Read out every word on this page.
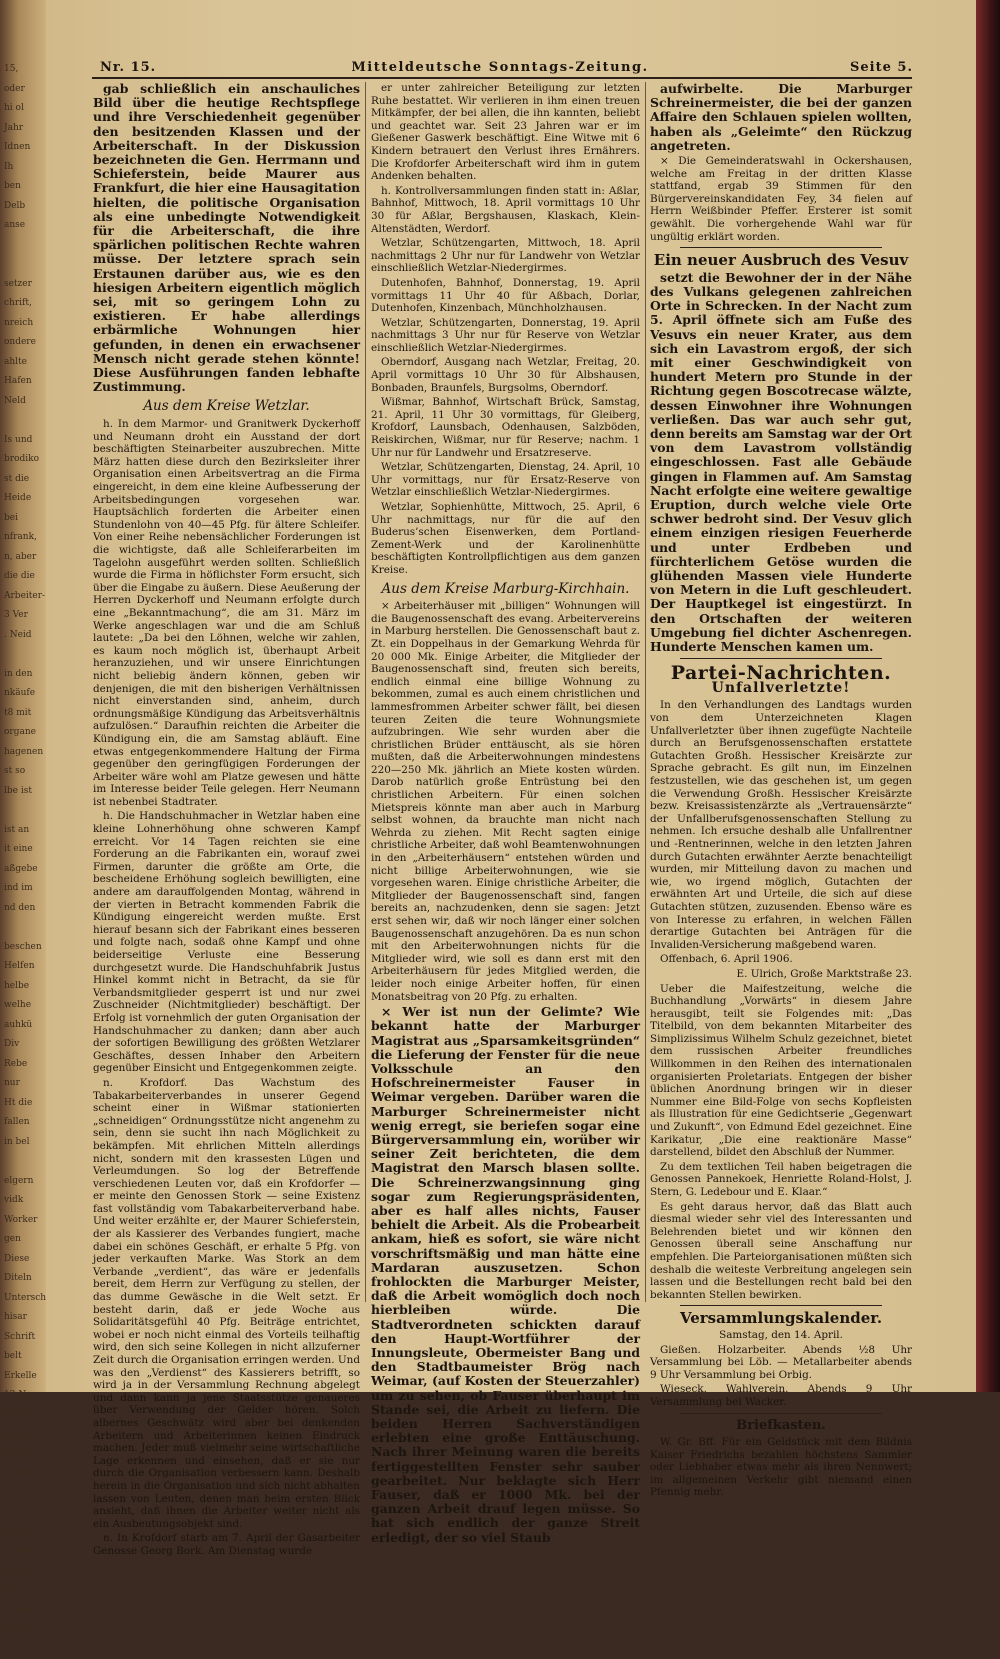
15,
oder
hi ol
Jahr
Idnen
Ih
ben
Delb
anse

setzer
chrift,
nreich
ondere
ahlte
Hafen
Neld

Is und
brodiko
st die
Heide
bei
nfrank,
n, aber
die die
Arbeiter-
3 Ver
. Neid

in den
nkäufe
t8 mit
organe
hagenen
st so
lbe ist

ist an
it eine
aßgebe
ind im
nd den

beschen
Helfen
helbe
welhe
auhkü
Div
Rebe
nur
Ht die
fallen
in bel

elgern
vidk
Worker
gen
Diese
Diteln
Untersch
hisar
Schrift
belt
Erkelle
12 Nr
beliee
Halle
Seite
Seiten

handl
stoffere
be fen
sens
helfen
Rend.
be
Nr. 15.	Mitteldeutsche Sonntags-Zeitung.	Seite 5.

gab schließlich ein anschauliches Bild über die heutige Rechtspflege und ihre Verschiedenheit gegenüber den besitzenden Klassen und der Arbeiterschaft. In der Diskussion bezeichneten die Gen. Herrmann und Schieferstein, beide Maurer aus Frankfurt, die hier eine Hausagitation hielten, die politische Organisation als eine unbedingte Notwendigkeit für die Arbeiterschaft, die ihre spärlichen politischen Rechte wahren müsse. Der letztere sprach sein Erstaunen darüber aus, wie es den hiesigen Arbeitern eigentlich möglich sei, mit so geringem Lohn zu existieren. Er habe allerdings erbärmliche Wohnungen hier gefunden, in denen ein erwachsener Mensch nicht gerade stehen könnte! Diese Ausführungen fanden lebhafte Zustimmung.

Aus dem Kreise Wetzlar.

h. In dem Marmor- und Granitwerk Dyckerhoff und Neumann droht ein Ausstand der dort beschäftigten Steinarbeiter auszubrechen. Mitte März hatten diese durch den Bezirksleiter ihrer Organisation einen Arbeitsvertrag an die Firma eingereicht, in dem eine kleine Aufbesserung der Arbeitsbedingungen vorgesehen war. Hauptsächlich forderten die Arbeiter einen Stundenlohn von 40—45 Pfg. für ältere Schleifer. Von einer Reihe nebensächlicher Forderungen ist die wichtigste, daß alle Schleiferarbeiten im Tagelohn ausgeführt werden sollten. Schließlich wurde die Firma in höflichster Form ersucht, sich über die Eingabe zu äußern. Diese Aeußerung der Herren Dyckerhoff und Neumann erfolgte durch eine „Bekanntmachung“, die am 31. März im Werke angeschlagen war und die am Schluß lautete: „Da bei den Löhnen, welche wir zahlen, es kaum noch möglich ist, überhaupt Arbeit heranzuziehen, und wir unsere Einrichtungen nicht beliebig ändern können, geben wir denjenigen, die mit den bisherigen Verhältnissen nicht einverstanden sind, anheim, durch ordnungsmäßige Kündigung das Arbeitsverhältnis aufzulösen.“ Daraufhin reichten die Arbeiter die Kündigung ein, die am Samstag abläuft. Eine etwas entgegenkommendere Haltung der Firma gegenüber den geringfügigen Forderungen der Arbeiter wäre wohl am Platze gewesen und hätte im Interesse beider Teile gelegen. Herr Neumann ist nebenbei Stadtrater.

h. Die Handschuhmacher in Wetzlar haben eine kleine Lohnerhöhung ohne schweren Kampf erreicht. Vor 14 Tagen reichten sie eine Forderung an die Fabrikanten ein, worauf zwei Firmen, darunter die größte am Orte, die bescheidene Erhöhung sogleich bewilligten, eine andere am darauffolgenden Montag, während in der vierten in Betracht kommenden Fabrik die Kündigung eingereicht werden mußte. Erst hierauf besann sich der Fabrikant eines besseren und folgte nach, sodaß ohne Kampf und ohne beiderseitige Verluste eine Besserung durchgesetzt wurde. Die Handschuhfabrik Justus Hinkel kommt nicht in Betracht, da sie für Verbandsmitglieder gesperrt ist und nur zwei Zuschneider (Nichtmitglieder) beschäftigt. Der Erfolg ist vornehmlich der guten Organisation der Handschuhmacher zu danken; dann aber auch der sofortigen Bewilligung des größten Wetzlarer Geschäftes, dessen Inhaber den Arbeitern gegenüber Einsicht und Entgegenkommen zeigte.

n. Krofdorf. Das Wachstum des Tabakarbeiterverbandes in unserer Gegend scheint einer in Wißmar stationierten „schneidigen“ Ordnungsstütze nicht angenehm zu sein, denn sie sucht ihn nach Möglichkeit zu bekämpfen. Mit ehrlichen Mitteln allerdings nicht, sondern mit den krassesten Lügen und Verleumdungen. So log der Betreffende verschiedenen Leuten vor, daß ein Krofdorfer — er meinte den Genossen Stork — seine Existenz fast vollständig vom Tabakarbeiterverband habe. Und weiter erzählte er, der Maurer Schieferstein, der als Kassierer des Verbandes fungiert, mache dabei ein schönes Geschäft, er erhalte 5 Pfg. von jeder verkauften Marke. Was Stork an dem Verbande „verdient“, das wäre er jedenfalls bereit, dem Herrn zur Verfügung zu stellen, der das dumme Gewäsche in die Welt setzt. Er besteht darin, daß er jede Woche aus Solidaritätsgefühl 40 Pfg. Beiträge entrichtet, wobei er noch nicht einmal des Vorteils teilhaftig wird, den sich seine Kollegen in nicht allzuferner Zeit durch die Organisation erringen werden. Und was den „Verdienst“ des Kassierers betrifft, so wird ja in der Versammlung Rechnung abgelegt und dann kann ja jene Staatsstütze genaueres über Verwendung der Gelder hören. Solch albernes Geschwätz wird aber bei denkenden Arbeitern und Arbeiterinnen keinen Eindruck machen. Jeder muß vielmehr seine wirtschaftliche Lage erkennen und einsehen, daß er sie nur durch die Organisation verbessern kann. Deshalb herein in die Organisation und sich nicht abhalten lassen von Leuten, denen man beim ersten Blick ansieht, daß ihnen die Arbeiter weiter nicht als ein Ausbeutungsobjekt sind.

n. In Krofdorf starb am 7. April der Gasarbeiter Genosse Georg Bork. Am Dienstag wurde

er unter zahlreicher Beteiligung zur letzten Ruhe bestattet. Wir verlieren in ihm einen treuen Mitkämpfer, der bei allen, die ihn kannten, beliebt und geachtet war. Seit 23 Jahren war er im Gießener Gaswerk beschäftigt. Eine Witwe mit 6 Kindern betrauert den Verlust ihres Ernährers. Die Krofdorfer Arbeiterschaft wird ihm in gutem Andenken behalten.

h. Kontrollversammlungen finden statt in: Aßlar, Bahnhof, Mittwoch, 18. April vormittags 10 Uhr 30 für Aßlar, Bergshausen, Klaskach, Klein-Altenstädten, Werdorf.

Wetzlar, Schützengarten, Mittwoch, 18. April nachmittags 2 Uhr nur für Landwehr von Wetzlar einschließlich Wetzlar-Niedergirmes.

Dutenhofen, Bahnhof, Donnerstag, 19. April vormittags 11 Uhr 40 für Aßbach, Dorlar, Dutenhofen, Kinzenbach, Münchholzhausen.

Wetzlar, Schützengarten, Donnerstag, 19. April nachmittags 3 Uhr nur für Reserve von Wetzlar einschließlich Wetzlar-Niedergirmes.

Oberndorf, Ausgang nach Wetzlar, Freitag, 20. April vormittags 10 Uhr 30 für Albshausen, Bonbaden, Braunfels, Burgsolms, Oberndorf.

Wißmar, Bahnhof, Wirtschaft Brück, Samstag, 21. April, 11 Uhr 30 vormittags, für Gleiberg, Krofdorf, Launsbach, Odenhausen, Salzböden, Reiskirchen, Wißmar, nur für Reserve; nachm. 1 Uhr nur für Landwehr und Ersatzreserve.

Wetzlar, Schützengarten, Dienstag, 24. April, 10 Uhr vormittags, nur für Ersatz-Reserve von Wetzlar einschließlich Wetzlar-Niedergirmes.

Wetzlar, Sophienhütte, Mittwoch, 25. April, 6 Uhr nachmittags, nur für die auf den Buderus’schen Eisenwerken, dem Portland-Zement-Werk und der Karolinenhütte beschäftigten Kontrollpflichtigen aus dem ganzen Kreise.

Aus dem Kreise Marburg-Kirchhain.

× Arbeiterhäuser mit „billigen“ Wohnungen will die Baugenossenschaft des evang. Arbeitervereins in Marburg herstellen. Die Genossenschaft baut z. Zt. ein Doppelhaus in der Gemarkung Wehrda für 20 000 Mk. Einige Arbeiter, die Mitglieder der Baugenossenschaft sind, freuten sich bereits, endlich einmal eine billige Wohnung zu bekommen, zumal es auch einem christlichen und lammesfrommen Arbeiter schwer fällt, bei diesen teuren Zeiten die teure Wohnungsmiete aufzubringen. Wie sehr wurden aber die christlichen Brüder enttäuscht, als sie hören mußten, daß die Arbeiterwohnungen mindestens 220—250 Mk. jährlich an Miete kosten würden. Darob natürlich große Entrüstung bei den christlichen Arbeitern. Für einen solchen Mietspreis könnte man aber auch in Marburg selbst wohnen, da brauchte man nicht nach Wehrda zu ziehen. Mit Recht sagten einige christliche Arbeiter, daß wohl Beamtenwohnungen in den „Arbeiterhäusern“ entstehen würden und nicht billige Arbeiterwohnungen, wie sie vorgesehen waren. Einige christliche Arbeiter, die Mitglieder der Baugenossenschaft sind, fangen bereits an, nachzudenken, denn sie sagen: Jetzt erst sehen wir, daß wir noch länger einer solchen Baugenossenschaft anzugehören. Da es nun schon mit den Arbeiterwohnungen nichts für die Mitglieder wird, wie soll es dann erst mit den Arbeiterhäusern für jedes Mitglied werden, die leider noch einige Arbeiter hoffen, für einen Monatsbeitrag von 20 Pfg. zu erhalten.

× Wer ist nun der Gelimte? Wie bekannt hatte der Marburger Magistrat aus „Sparsamkeitsgründen“ die Lieferung der Fenster für die neue Volksschule an den Hofschreinermeister Fauser in Weimar vergeben. Darüber waren die Marburger Schreinermeister nicht wenig erregt, sie beriefen sogar eine Bürgerversammlung ein, worüber wir seiner Zeit berichteten, die dem Magistrat den Marsch blasen sollte. Die Schreinerzwangsinnung ging sogar zum Regierungspräsidenten, aber es half alles nichts, Fauser behielt die Arbeit. Als die Probearbeit ankam, hieß es sofort, sie wäre nicht vorschriftsmäßig und man hätte eine Mardaran auszusetzen. Schon frohlockten die Marburger Meister, daß die Arbeit womöglich doch noch hierbleiben würde. Die Stadtverordneten schickten darauf den Haupt-Wortführer der Innungsleute, Obermeister Bang und den Stadtbaumeister Brög nach Weimar, (auf Kosten der Steuerzahler) um zu sehen, ob Fauser überhaupt im Stande sei, die Arbeit zu liefern. Die beiden Herren Sachverständigen erlebten eine große Enttäuschung. Nach ihrer Meinung waren die bereits fertiggestellten Fenster sehr sauber gearbeitet. Nur beklagte sich Herr Fauser, daß er 1000 Mk. bei der ganzen Arbeit drauf legen müsse. So hat sich endlich der ganze Streit erledigt, der so viel Staub

aufwirbelte. Die Marburger Schreinermeister, die bei der ganzen Affaire den Schlauen spielen wollten, haben als „Geleimte“ den Rückzug angetreten.

× Die Gemeinderatswahl in Ockershausen, welche am Freitag in der dritten Klasse stattfand, ergab 39 Stimmen für den Bürgervereinskandidaten Fey, 34 fielen auf Herrn Weißbinder Pfeffer. Ersterer ist somit gewählt. Die vorhergehende Wahl war für ungültig erklärt worden.

Ein neuer Ausbruch des Vesuv

setzt die Bewohner der in der Nähe des Vulkans gelegenen zahlreichen Orte in Schrecken. In der Nacht zum 5. April öffnete sich am Fuße des Vesuvs ein neuer Krater, aus dem sich ein Lavastrom ergoß, der sich mit einer Geschwindigkeit von hundert Metern pro Stunde in der Richtung gegen Boscotrecase wälzte, dessen Einwohner ihre Wohnungen verließen. Das war auch sehr gut, denn bereits am Samstag war der Ort von dem Lavastrom vollständig eingeschlossen. Fast alle Gebäude gingen in Flammen auf. Am Samstag Nacht erfolgte eine weitere gewaltige Eruption, durch welche viele Orte schwer bedroht sind. Der Vesuv glich einem einzigen riesigen Feuerherde und unter Erdbeben und fürchterlichem Getöse wurden die glühenden Massen viele Hunderte von Metern in die Luft geschleudert. Der Hauptkegel ist eingestürzt. In den Ortschaften der weiteren Umgebung fiel dichter Aschenregen. Hunderte Menschen kamen um.

Partei-Nachrichten.
Unfallverletzte!

In den Verhandlungen des Landtags wurden von dem Unterzeichneten Klagen Unfallverletzter über ihnen zugefügte Nachteile durch an Berufsgenossenschaften erstattete Gutachten Großh. Hessischer Kreisärzte zur Sprache gebracht. Es gilt nun, im Einzelnen festzustellen, wie das geschehen ist, um gegen die Verwendung Großh. Hessischer Kreisärzte bezw. Kreisassistenzärzte als „Vertrauensärzte“ der Unfallberufsgenossenschaften Stellung zu nehmen. Ich ersuche deshalb alle Unfallrentner und -Rentnerinnen, welche in den letzten Jahren durch Gutachten erwähnter Aerzte benachteiligt wurden, mir Mitteilung davon zu machen und wie, wo irgend möglich, Gutachten der erwähnten Art und Urteile, die sich auf diese Gutachten stützen, zuzusenden. Ebenso wäre es von Interesse zu erfahren, in welchen Fällen derartige Gutachten bei Anträgen für die Invaliden-Versicherung maßgebend waren.

Offenbach, 6. April 1906.

E. Ulrich, Große Marktstraße 23.

Ueber die Maifestzeitung, welche die Buchhandlung „Vorwärts“ in diesem Jahre herausgibt, teilt sie Folgendes mit: „Das Titelbild, von dem bekannten Mitarbeiter des Simplizissimus Wilhelm Schulz gezeichnet, bietet dem russischen Arbeiter freundliches Willkommen in den Reihen des internationalen organisierten Proletariats. Entgegen der bisher üblichen Anordnung bringen wir in dieser Nummer eine Bild-Folge von sechs Kopfleisten als Illustration für eine Gedichtserie „Gegenwart und Zukunft“, von Edmund Edel gezeichnet. Eine Karikatur, „Die eine reaktionäre Masse“ darstellend, bildet den Abschluß der Nummer.

Zu dem textlichen Teil haben beigetragen die Genossen Pannekoek, Henriette Roland-Holst, J. Stern, G. Ledebour und E. Klaar.“

Es geht daraus hervor, daß das Blatt auch diesmal wieder sehr viel des Interessanten und Belehrenden bietet und wir können den Genossen überall seine Anschaffung nur empfehlen. Die Parteiorganisationen müßten sich deshalb die weiteste Verbreitung angelegen sein lassen und die Bestellungen recht bald bei den bekannten Stellen bewirken.

Versammlungskalender.

Samstag, den 14. April.

Gießen. Holzarbeiter. Abends ½8 Uhr Versammlung bei Löb. — Metallarbeiter abends 9 Uhr Versammlung bei Orbig.

Wieseck. Wahlverein. Abends 9 Uhr Versammlung bei Wacker.

Briefkasten.

W. Gr. Bff. Für ein Geldstück mit dem Bildnis Kaiser Friedrichs bezahlen höchstens Sammler oder Liebhaber etwas mehr als ihren Nennwert; im allgemeinen Verkehr gibt niemand einen Pfennig mehr.
